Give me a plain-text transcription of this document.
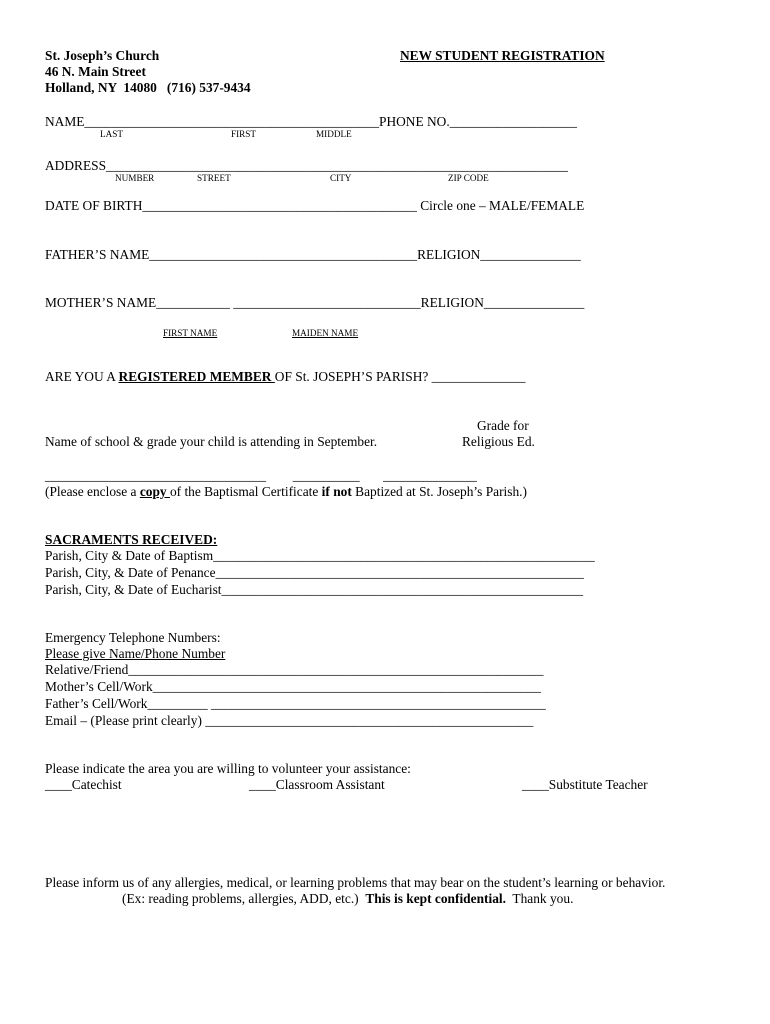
St. Joseph’s Church
46 N. Main Street
Holland, NY  14080   (716) 537-9434
NEW STUDENT REGISTRATION
NAME____________________________________________PHONE NO.___________________
LAST	FIRST	MIDDLE
ADDRESS_____________________________________________________________________
NUMBER	STREET	CITY	ZIP CODE
DATE OF BIRTH_________________________________________ Circle one – MALE/FEMALE
FATHER’S NAME________________________________________RELIGION_______________
MOTHER’S NAME___________ ____________________________RELIGION_______________
FIRST NAME	MAIDEN NAME
ARE YOU A REGISTERED MEMBER OF St. JOSEPH’S PARISH? ______________
Grade for
Name of school & grade your child is attending in September.	Religious Ed.
_________________________________        __________       ______________
(Please enclose a copy of the Baptismal Certificate if not Baptized at St. Joseph’s Parish.)
SACRAMENTS RECEIVED:
Parish, City & Date of Baptism_________________________________________________________
Parish, City, & Date of Penance_______________________________________________________
Parish, City, & Date of Eucharist______________________________________________________
Emergency Telephone Numbers:
Please give Name/Phone Number
Relative/Friend______________________________________________________________
Mother’s Cell/Work__________________________________________________________
Father’s Cell/Work_________ __________________________________________________
Email – (Please print clearly) _________________________________________________
Please indicate the area you are willing to volunteer your assistance:
____Catechist	____Classroom Assistant	____Substitute Teacher
Please inform us of any allergies, medical, or learning problems that may bear on the student’s learning or behavior.
(Ex: reading problems, allergies, ADD, etc.)  This is kept confidential.  Thank you.
